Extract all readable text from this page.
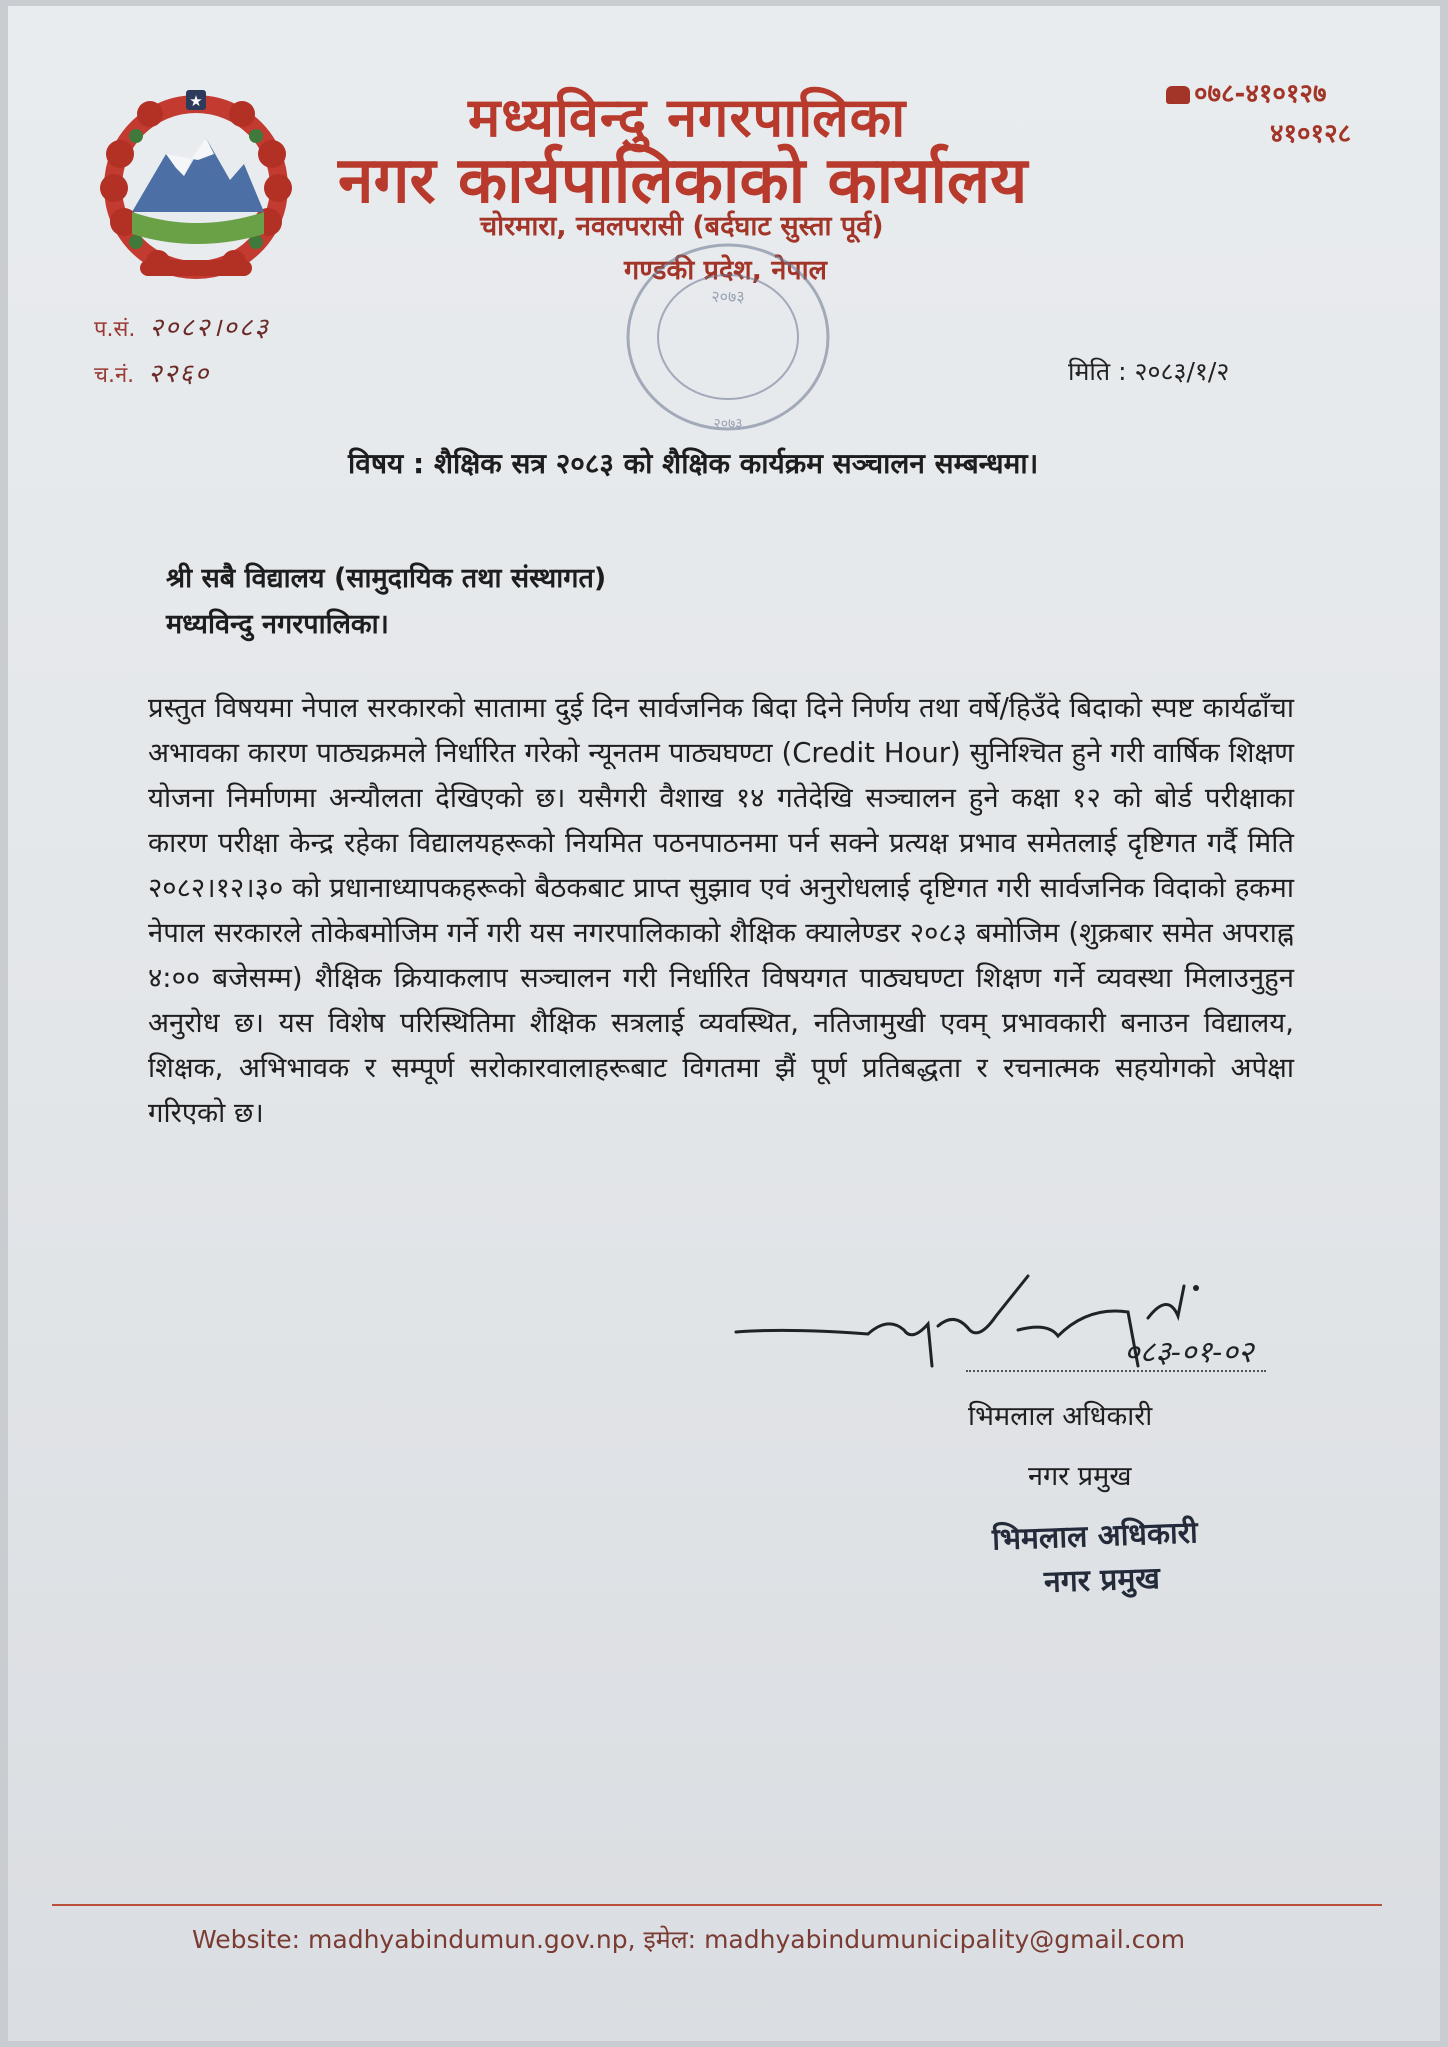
★	मध्यविन्दु नगरपालिका
नगर कार्यपालिकाको कार्यालय
चोरमारा, नवलपरासी (बर्दघाट सुस्ता पूर्व)
गण्डकी प्रदेश, नेपाल
०७८-४१०१२७
४१०१२८
प.सं. २०८२।०८३
च.नं. २२६०
२०७३
२०७३
मिति : २०८३/१/२
विषय : शैक्षिक सत्र २०८३ को शैक्षिक कार्यक्रम सञ्चालन सम्बन्धमा।
श्री सबै विद्यालय (सामुदायिक तथा संस्थागत)
मध्यविन्दु नगरपालिका।
प्रस्तुत विषयमा नेपाल सरकारको सातामा दुई दिन सार्वजनिक बिदा दिने निर्णय तथा वर्षे/हिउँदे बिदाको स्पष्ट कार्यढाँचा अभावका कारण पाठ्यक्रमले निर्धारित गरेको न्यूनतम पाठ्यघण्टा (Credit Hour) सुनिश्चित हुने गरी वार्षिक शिक्षण योजना निर्माणमा अन्यौलता देखिएको छ। यसैगरी वैशाख १४ गतेदेखि सञ्चालन हुने कक्षा १२ को बोर्ड परीक्षाका कारण परीक्षा केन्द्र रहेका विद्यालयहरूको नियमित पठनपाठनमा पर्न सक्ने प्रत्यक्ष प्रभाव समेतलाई दृष्टिगत गर्दै मिति २०८२।१२।३० को प्रधानाध्यापकहरूको बैठकबाट प्राप्त सुझाव एवं अनुरोधलाई दृष्टिगत गरी सार्वजनिक विदाको हकमा नेपाल सरकारले तोकेबमोजिम गर्ने गरी यस नगरपालिकाको शैक्षिक क्यालेण्डर २०८३ बमोजिम (शुक्रबार समेत अपराह्न ४:०० बजेसम्म) शैक्षिक क्रियाकलाप सञ्चालन गरी निर्धारित विषयगत पाठ्यघण्टा शिक्षण गर्ने व्यवस्था मिलाउनुहुन अनुरोध छ। यस विशेष परिस्थितिमा शैक्षिक सत्रलाई व्यवस्थित, नतिजामुखी एवम् प्रभावकारी बनाउन विद्यालय, शिक्षक, अभिभावक र सम्पूर्ण सरोकारवालाहरूबाट विगतमा झैं पूर्ण प्रतिबद्धता र रचनात्मक सहयोगको अपेक्षा गरिएको छ।
०८३-०१-०२
भिमलाल अधिकारी
नगर प्रमुख
भिमलाल अधिकारी
नगर प्रमुख
Website: madhyabindumun.gov.np, इमेल: madhyabindumunicipality@gmail.com
